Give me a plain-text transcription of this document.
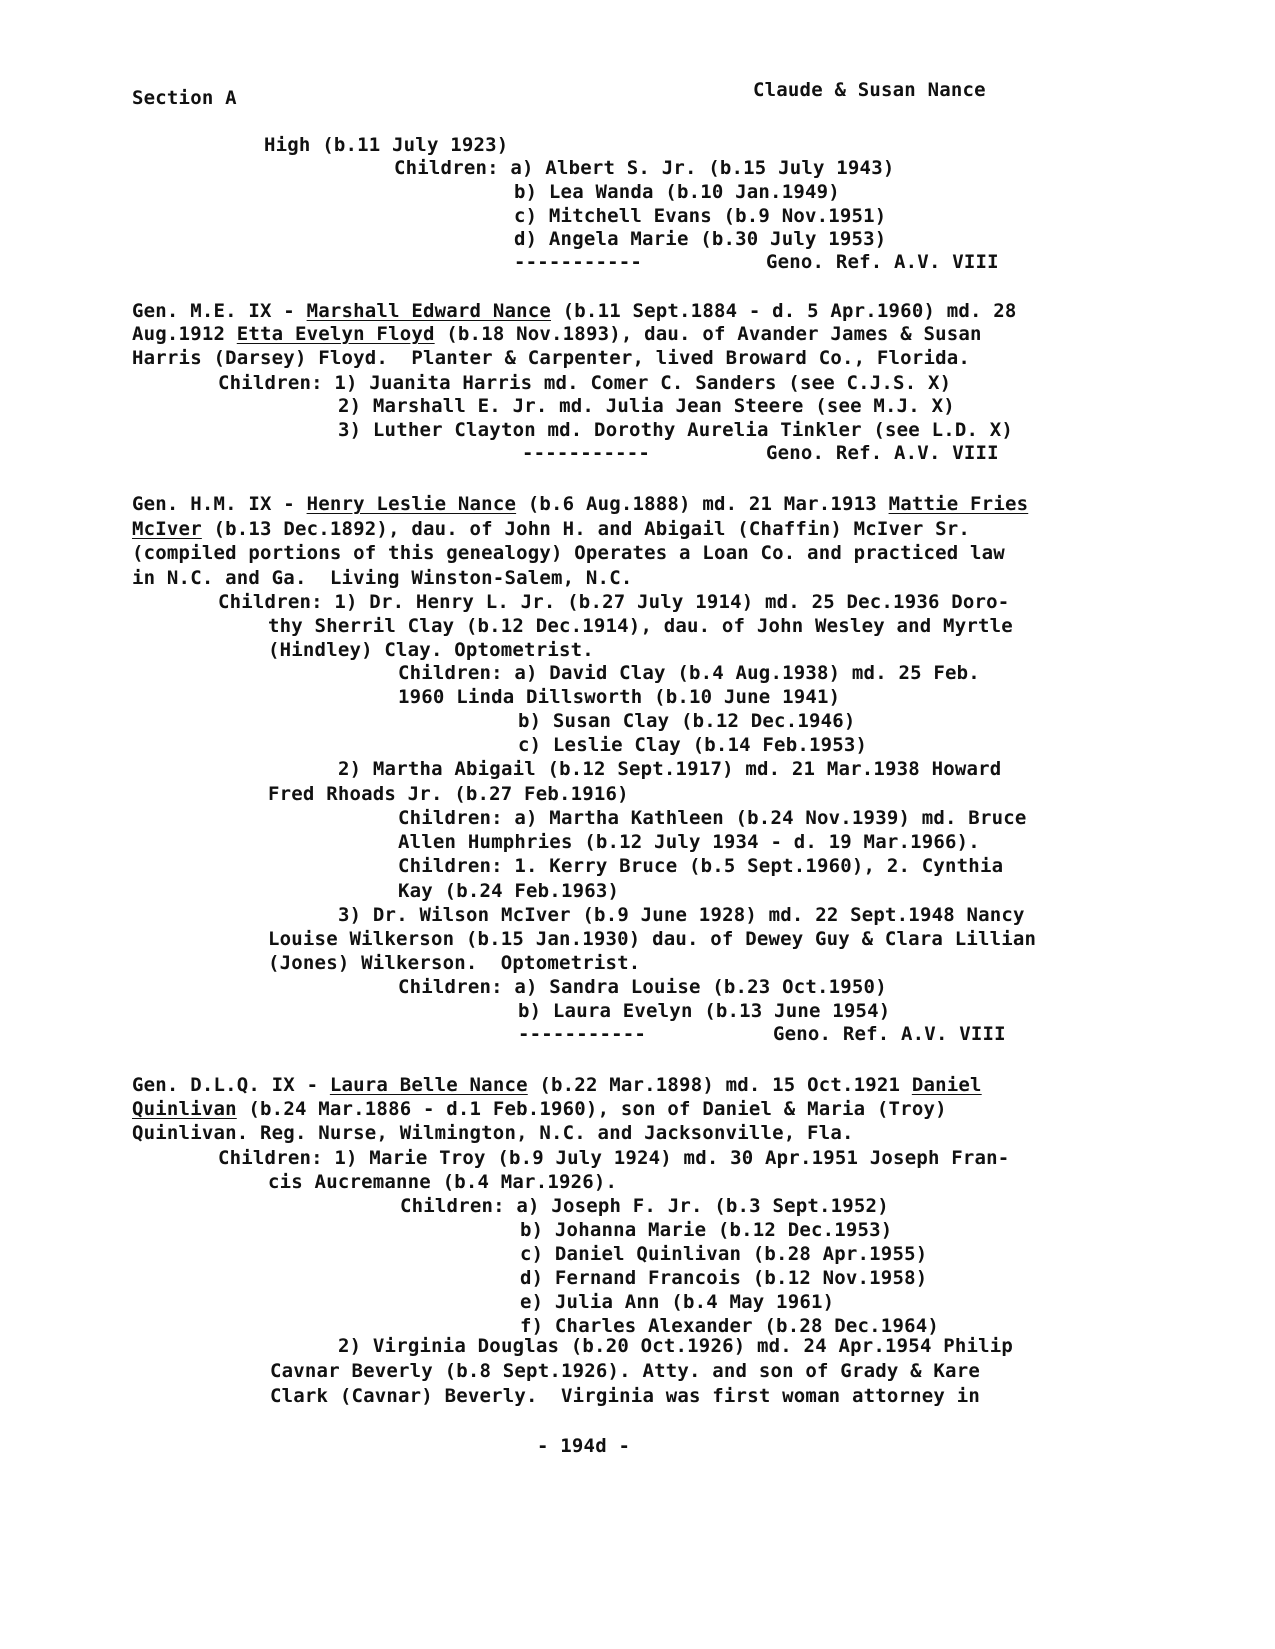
Section A	Claude & Susan Nance
High (b.11 July 1923)
Children: a) Albert S. Jr. (b.15 July 1943)
b) Lea Wanda (b.10 Jan.1949)
c) Mitchell Evans (b.9 Nov.1951)
d) Angela Marie (b.30 July 1953)
-----------	Geno. Ref. A.V. VIII
Gen. M.E. IX - Marshall Edward Nance (b.11 Sept.1884 - d. 5 Apr.1960) md. 28
Aug.1912 Etta Evelyn Floyd (b.18 Nov.1893), dau. of Avander James & Susan
Harris (Darsey) Floyd.  Planter & Carpenter, lived Broward Co., Florida.
Children: 1) Juanita Harris md. Comer C. Sanders (see C.J.S. X)
2) Marshall E. Jr. md. Julia Jean Steere (see M.J. X)
3) Luther Clayton md. Dorothy Aurelia Tinkler (see L.D. X)
-----------	Geno. Ref. A.V. VIII
Gen. H.M. IX - Henry Leslie Nance (b.6 Aug.1888) md. 21 Mar.1913 Mattie Fries
McIver (b.13 Dec.1892), dau. of John H. and Abigail (Chaffin) McIver Sr.
(compiled portions of this genealogy) Operates a Loan Co. and practiced law
in N.C. and Ga.  Living Winston-Salem, N.C.
Children: 1) Dr. Henry L. Jr. (b.27 July 1914) md. 25 Dec.1936 Doro-
thy Sherril Clay (b.12 Dec.1914), dau. of John Wesley and Myrtle
(Hindley) Clay. Optometrist.
Children: a) David Clay (b.4 Aug.1938) md. 25 Feb.
1960 Linda Dillsworth (b.10 June 1941)
b) Susan Clay (b.12 Dec.1946)
c) Leslie Clay (b.14 Feb.1953)
2) Martha Abigail (b.12 Sept.1917) md. 21 Mar.1938 Howard
Fred Rhoads Jr. (b.27 Feb.1916)
Children: a) Martha Kathleen (b.24 Nov.1939) md. Bruce
Allen Humphries (b.12 July 1934 - d. 19 Mar.1966).
Children: 1. Kerry Bruce (b.5 Sept.1960), 2. Cynthia
Kay (b.24 Feb.1963)
3) Dr. Wilson McIver (b.9 June 1928) md. 22 Sept.1948 Nancy
Louise Wilkerson (b.15 Jan.1930) dau. of Dewey Guy & Clara Lillian
(Jones) Wilkerson.  Optometrist.
Children: a) Sandra Louise (b.23 Oct.1950)
b) Laura Evelyn (b.13 June 1954)
-----------	Geno. Ref. A.V. VIII
Gen. D.L.Q. IX - Laura Belle Nance (b.22 Mar.1898) md. 15 Oct.1921 Daniel
Quinlivan (b.24 Mar.1886 - d.1 Feb.1960), son of Daniel & Maria (Troy)
Quinlivan. Reg. Nurse, Wilmington, N.C. and Jacksonville, Fla.
Children: 1) Marie Troy (b.9 July 1924) md. 30 Apr.1951 Joseph Fran-
cis Aucremanne (b.4 Mar.1926).
Children: a) Joseph F. Jr. (b.3 Sept.1952)
b) Johanna Marie (b.12 Dec.1953)
c) Daniel Quinlivan (b.28 Apr.1955)
d) Fernand Francois (b.12 Nov.1958)
e) Julia Ann (b.4 May 1961)
f) Charles Alexander (b.28 Dec.1964)
2) Virginia Douglas (b.20 Oct.1926) md. 24 Apr.1954 Philip
Cavnar Beverly (b.8 Sept.1926). Atty. and son of Grady & Kare
Clark (Cavnar) Beverly.  Virginia was first woman attorney in
- 194d -
